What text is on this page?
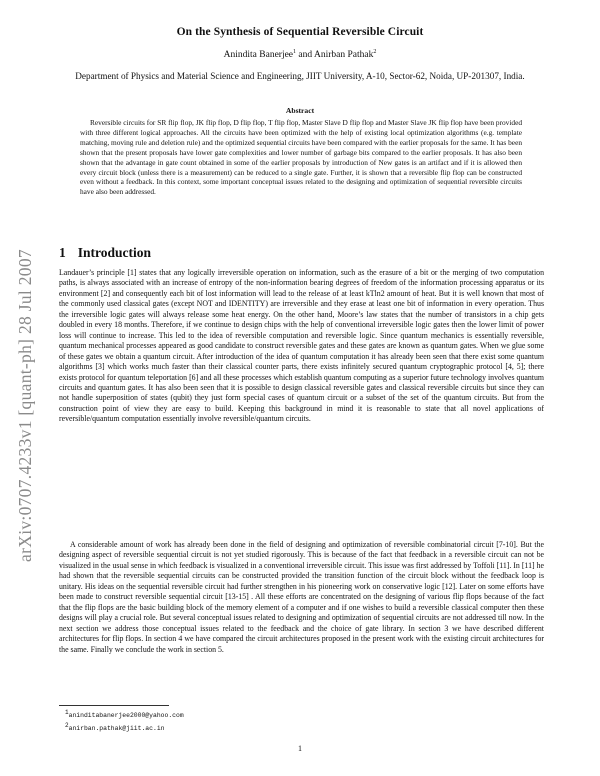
On the Synthesis of Sequential Reversible Circuit
Anindita Banerjee$^1$ and Anirban Pathak$^2$
Department of Physics and Material Science and Engineering, JIIT University, A-10, Sector-62, Noida, UP-201307, India.
Abstract
Reversible circuits for SR flip flop, JK flip flop, D flip flop, T flip flop, Master Slave D flip flop and Master Slave JK flip flop have been provided with three different logical approaches. All the circuits have been optimized with the help of existing local optimization algorithms (e.g. template matching, moving rule and deletion rule) and the optimized sequential circuits have been compared with the earlier proposals for the same. It has been shown that the present proposals have lower gate complexities and lower number of garbage bits compared to the earlier proposals. It has also been shown that the advantage in gate count obtained in some of the earlier proposals by introduction of New gates is an artifact and if it is allowed then every circuit block (unless there is a measurement) can be reduced to a single gate. Further, it is shown that a reversible flip flop can be constructed even without a feedback. In this context, some important conceptual issues related to the designing and optimization of sequential reversible circuits have also been addressed.
arXiv:0707.4233v1 [quant-ph] 28 Jul 2007 1 Introduction
Landauer’s principle [1] states that any logically irreversible operation on information, such as the erasure of a bit or the merging of two computation paths, is always associated with an increase of entropy of the non-information bearing degrees of freedom of the information processing apparatus or its environment [2] and consequently each bit of lost information will lead to the release of at least kTln2 amount of heat. But it is well known that most of the commonly used classical gates (except NOT and IDENTITY) are irreversible and they erase at least one bit of information in every operation. Thus the irreversible logic gates will always release some heat energy. On the other hand, Moore’s law states that the number of transistors in a chip gets doubled in every 18 months. Therefore, if we continue to design chips with the help of conventional irreversible logic gates then the lower limit of power loss will continue to increase. This led to the idea of reversible computation and reversible logic. Since quantum mechanics is essentially reversible, quantum mechanical processes appeared as good candidate to construct reversible gates and these gates are known as quantum gates. When we glue some of these gates we obtain a quantum circuit. After introduction of the idea of quantum computation it has already been seen that there exist some quantum algorithms [3] which works much faster than their classical counter parts, there exists infinitely secured quantum cryptographic protocol [4, 5]; there exists protocol for quantum teleportation [6] and all these processes which establish quantum computing as a superior future technology involves quantum circuits and quantum gates. It has also been seen that it is possible to design classical reversible gates and classical reversible circuits but since they can not handle superposition of states (qubit) they just form special cases of quantum circuit or a subset of the set of the quantum circuits. But from the construction point of view they are easy to build. Keeping this background in mind it is reasonable to state that all novel applications of reversible/quantum computation essentially involve reversible/quantum circuits.
A considerable amount of work has already been done in the field of designing and optimization of reversible combinatorial circuit [7-10]. But the designing aspect of reversible sequential circuit is not yet studied rigorously. This is because of the fact that feedback in a reversible circuit can not be visualized in the usual sense in which feedback is visualized in a conventional irreversible circuit. This issue was first addressed by Toffoli [11]. In [11] he had shown that the reversible sequential circuits can be constructed provided the transition function of the circuit block without the feedback loop is unitary. His ideas on the sequential reversible circuit had further strengthen in his pioneering work on conservative logic [12]. Later on some efforts have been made to construct reversible sequential circuit [13-15] . All these efforts are concentrated on the designing of various flip flops because of the fact that the flip flops are the basic building block of the memory element of a computer and if one wishes to build a reversible classical computer then these designs will play a crucial role. But several conceptual issues related to designing and optimization of sequential circuits are not addressed till now. In the next section we address those conceptual issues related to the feedback and the choice of gate library. In section 3 we have described different architectures for flip flops. In section 4 we have compared the circuit architectures proposed in the present work with the existing circuit architectures for the same. Finally we conclude the work in section 5.
$^1$aninditabanerjee2000@yahoo.com
$^2$anirban.pathak@jiit.ac.in
1
